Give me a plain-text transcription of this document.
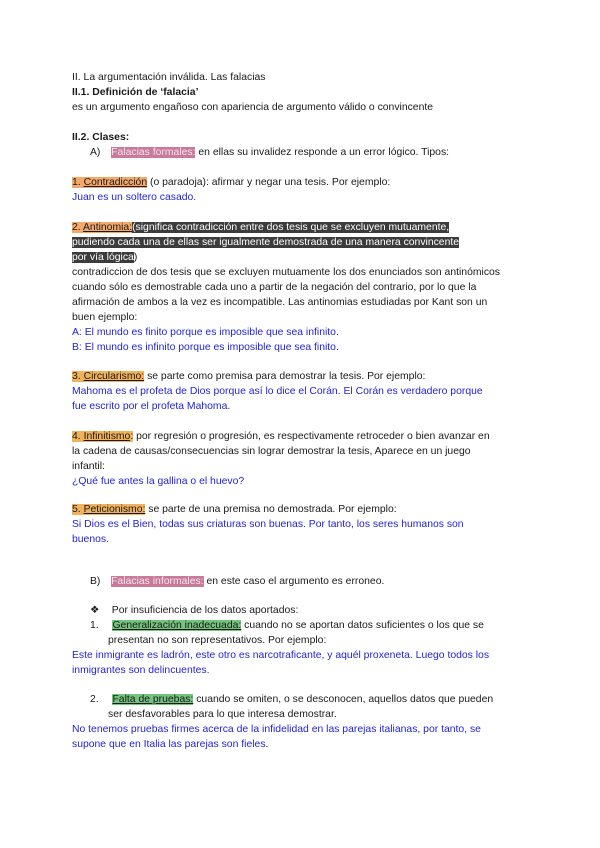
II. La argumentación inválida. Las falacias
II.1. Definición de ‘falacia’
es un argumento engañoso con apariencia de argumento válido o convincente
II.2. Clases:
A) Falacias formales: en ellas su invalidez responde a un error lógico. Tipos:
1. Contradicción (o paradoja): afirmar y negar una tesis. Por ejemplo:
Juan es un soltero casado.
2. Antinomia:(significa contradicción entre dos tesis que se excluyen mutuamente,
pudiendo cada una de ellas ser igualmente demostrada de una manera convincente
por vía lógica)
contradiccion de dos tesis que se excluyen mutuamente los dos enunciados son antinómicos
cuando sólo es demostrable cada uno a partir de la negación del contrario, por lo que la
afirmación de ambos a la vez es incompatible. Las antinomias estudiadas por Kant son un
buen ejemplo:
A: El mundo es finito porque es imposible que sea infinito.
B: El mundo es infinito porque es imposible que sea finito.
3. Circularismo: se parte como premisa para demostrar la tesis. Por ejemplo:
Mahoma es el profeta de Dios porque así lo dice el Corán. El Corán es verdadero porque
fue escrito por el profeta Mahoma.
4. Infinitismo: por regresión o progresión, es respectivamente retroceder o bien avanzar en
la cadena de causas/consecuencias sin lograr demostrar la tesis, Aparece en un juego
infantil:
¿Qué fue antes la gallina o el huevo?
5. Peticionismo: se parte de una premisa no demostrada. Por ejemplo:
Si Dios es el Bien, todas sus criaturas son buenas. Por tanto, los seres humanos son
buenos.
B) Falacias informales: en este caso el argumento es erroneo.
❖ Por insuficiencia de los datos aportados:
1. Generalización inadecuada: cuando no se aportan datos suficientes o los que se
presentan no son representativos. Por ejemplo:
Este inmigrante es ladrón, este otro es narcotraficante, y aquél proxeneta. Luego todos los
inmigrantes son delincuentes.
2. Falta de pruebas: cuando se omiten, o se desconocen, aquellos datos que pueden
ser desfavorables para lo que interesa demostrar.
No tenemos pruebas firmes acerca de la infidelidad en las parejas italianas, por tanto, se
supone que en Italia las parejas son fieles.
